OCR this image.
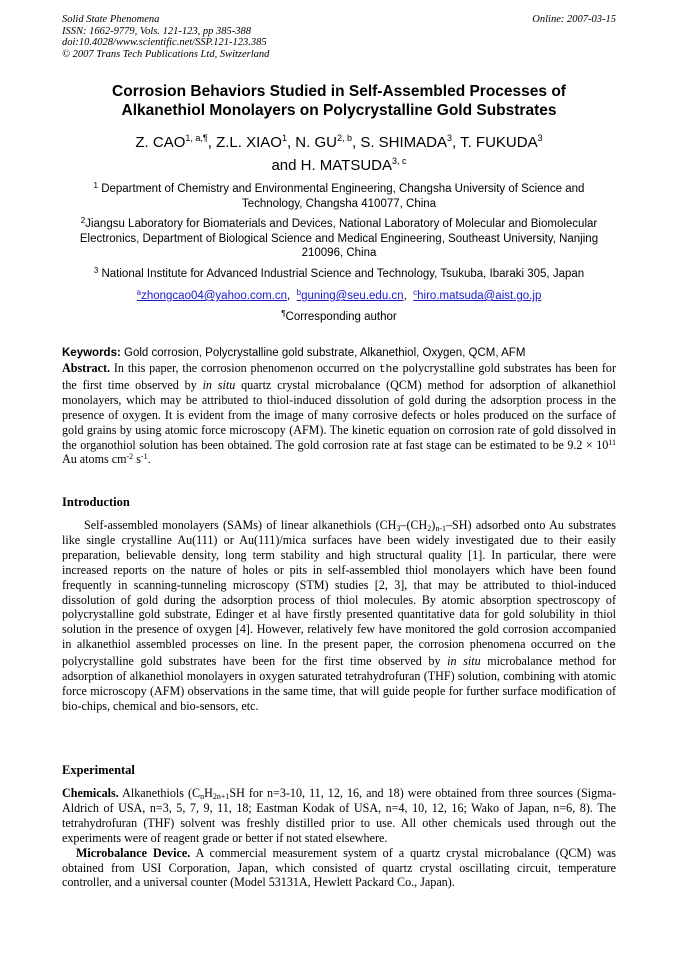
Solid State Phenomena
ISSN: 1662-9779, Vols. 121-123, pp 385-388
doi:10.4028/www.scientific.net/SSP.121-123.385
© 2007 Trans Tech Publications Ltd, Switzerland
Online: 2007-03-15
Corrosion Behaviors Studied in Self-Assembled Processes of
Alkanethiol Monolayers on Polycrystalline Gold Substrates
Z. $CAO^{1, a,\P}$, Z.L. XIAO$^1$, N. GU$^{2, b}$, S. SHIMADA$^3$, T. FUKUDA$^3$
and H. MATSUDA$^{3, c}$
$^1$ Department of Chemistry and Environmental Engineering, Changsha University of Science and Technology, Changsha 410077, China
$^2$Jiangsu Laboratory for Biomaterials and Devices, National Laboratory of Molecular and Biomolecular Electronics, Department of Biological Science and Medical Engineering, Southeast University, Nanjing 210096, China
$^3$ National Institute for Advanced Industrial Science and Technology, Tsukuba, Ibaraki 305, Japan
$^a$zhongcao04@yahoo.com.cn, $^b$guning@seu.edu.cn, $^c$hiro.matsuda@aist.go.jp
¶Corresponding author
Keywords: Gold corrosion, Polycrystalline gold substrate, Alkanethiol, Oxygen, QCM, AFM

Abstract. In this paper, the corrosion phenomenon occurred on the polycrystalline gold substrates has been for the first time observed by in situ quartz crystal microbalance (QCM) method for adsorption of alkanethiol monolayers, which may be attributed to thiol-induced dissolution of gold during the adsorption process in the presence of oxygen. It is evident from the image of many corrosive defects or holes produced on the surface of gold grains by using atomic force microscopy (AFM). The kinetic equation on corrosion rate of gold dissolved in the organothiol solution has been obtained. The gold corrosion rate at fast stage can be estimated to be $9.2 \times 10^{11}$ Au atoms $cm^{-2}$ $s^{-1}$.

Introduction

Self-assembled monolayers (SAMs) of linear alkanethiols $(CH_3-(CH_2)_{n-1}-SH)$ adsorbed onto Au substrates like single crystalline Au(111) or Au(111)/mica surfaces have been widely investigated due to their easily preparation, believable density, long term stability and high structural quality [1]. In particular, there were increased reports on the nature of holes or pits in self-assembled thiol monolayers which have been found frequently in scanning-tunneling microscopy (STM) studies [2, 3], that may be attributed to thiol-induced dissolution of gold during the adsorption process of thiol molecules. By atomic absorption spectroscopy of polycrystalline gold substrate, Edinger et al have firstly presented quantitative data for gold solubility in thiol solution in the presence of oxygen [4]. However, relatively few have monitored the gold corrosion accompanied in alkanethiol assembled processes on line. In the present paper, the corrosion phenomena occurred on the polycrystalline gold substrates have been for the first time observed by in situ microbalance method for adsorption of alkanethiol monolayers in oxygen saturated tetrahydrofuran (THF) solution, combining with atomic force microscopy (AFM) observations in the same time, that will guide people for further surface modification of bio-chips, chemical and bio-sensors, etc.

Experimental

Chemicals. Alkanethiols ($C_nH_{2n+1}SH$ for n=3-10, 11, 12, 16, and 18) were obtained from three sources (Sigma-Aldrich of USA, n=3, 5, 7, 9, 11, 18; Eastman Kodak of USA, n=4, 10, 12, 16; Wako of Japan, n=6, 8). The tetrahydrofuran (THF) solvent was freshly distilled prior to use. All other chemicals used through out the experiments were of reagent grade or better if not stated elsewhere.

Microbalance Device. A commercial measurement system of a quartz crystal microbalance (QCM) was obtained from USI Corporation, Japan, which consisted of quartz crystal oscillating circuit, temperature controller, and a universal counter (Model 53131A, Hewlett Packard Co., Japan).
